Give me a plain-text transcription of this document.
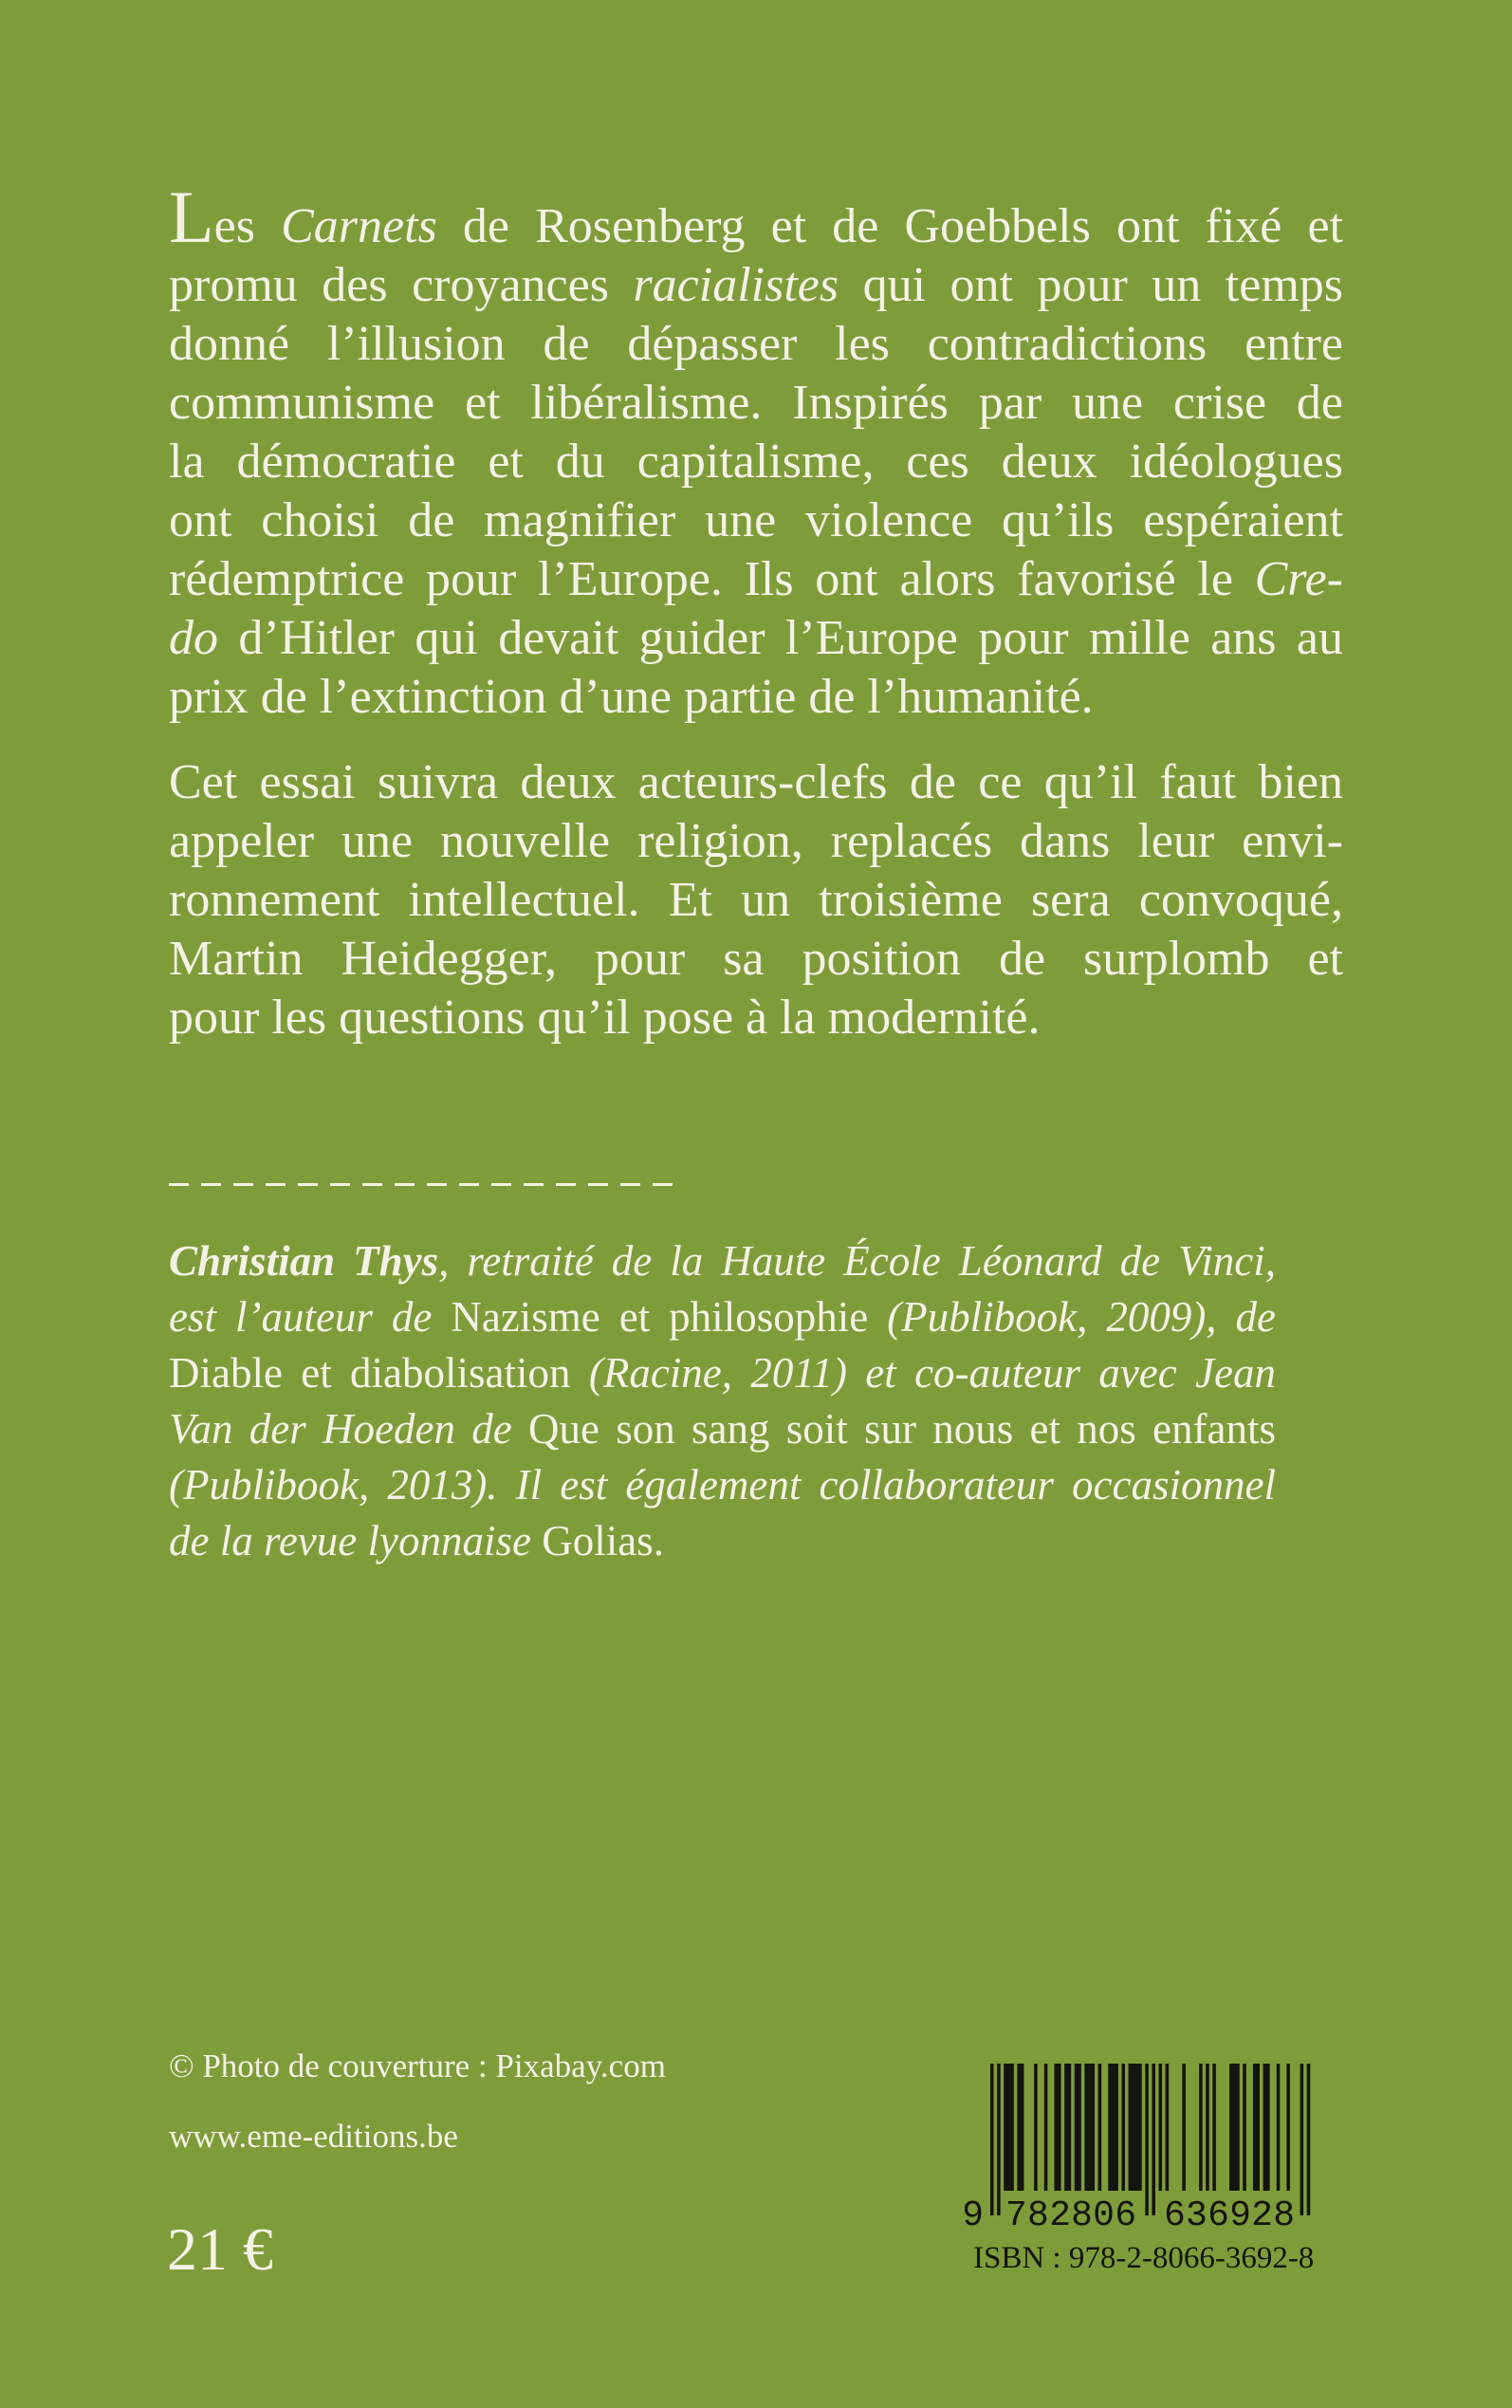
Les Carnets de Rosenberg et de Goebbels ont fixé et
promu des croyances racialistes qui ont pour un temps
donné l’illusion de dépasser les contradictions entre
communisme et libéralisme. Inspirés par une crise de
la démocratie et du capitalisme, ces deux idéologues
ont choisi de magnifier une violence qu’ils espéraient
rédemptrice pour l’Europe. Ils ont alors favorisé le Cre-
do d’Hitler qui devait guider l’Europe pour mille ans au
prix de l’extinction d’une partie de l’humanité.
Cet essai suivra deux acteurs-clefs de ce qu’il faut bien
appeler une nouvelle religion, replacés dans leur envi-
ronnement intellectuel. Et un troisième sera convoqué,
Martin Heidegger, pour sa position de surplomb et
pour les questions qu’il pose à la modernité.
Christian Thys, retraité de la Haute École Léonard de Vinci,
est l’auteur de Nazisme et philosophie (Publibook, 2009), de
Diable et diabolisation (Racine, 2011) et co-auteur avec Jean
Van der Hoeden de Que son sang soit sur nous et nos enfants
(Publibook, 2013). Il est également collaborateur occasionnel
de la revue lyonnaise Golias.
© Photo de couverture : Pixabay.com
www.eme-editions.be
21 €	9 782806 636928
ISBN : 978-2-8066-3692-8
